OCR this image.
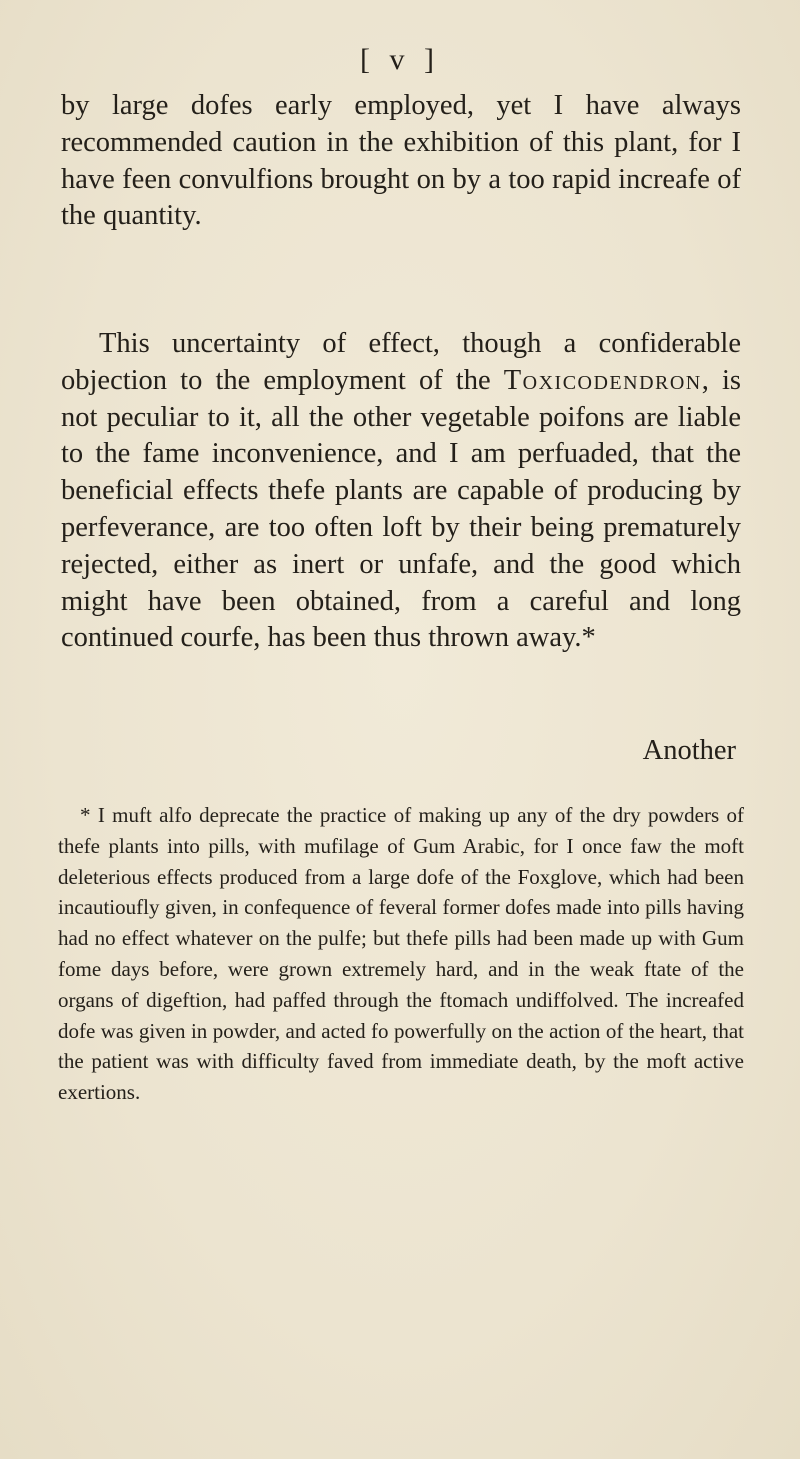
[ v ]

by large dofes early employed, yet I have always recommended caution in the exhibition of this plant, for I have feen convulfions brought on by a too rapid increafe of the quantity.

This uncertainty of effect, though a confiderable objection to the employment of the Toxicodendron, is not peculiar to it, all the other vegetable poifons are liable to the fame inconvenience, and I am perfuaded, that the beneficial effects thefe plants are capable of producing by perfeverance, are too often loft by their being prematurely rejected, either as inert or unfafe, and the good which might have been obtained, from a careful and long continued courfe, has been thus thrown away.*

Another

* I muft alfo deprecate the practice of making up any of the dry powders of thefe plants into pills, with mufilage of Gum Arabic, for I once faw the moft deleterious effects produced from a large dofe of the Foxglove, which had been incautioufly given, in confequence of feveral former dofes made into pills having had no effect whatever on the pulfe; but thefe pills had been made up with Gum fome days before, were grown extremely hard, and in the weak ftate of the organs of digeftion, had paffed through the ftomach undiffolved. The increafed dofe was given in powder, and acted fo powerfully on the action of the heart, that the patient was with difficulty faved from immediate death, by the moft active exertions.
